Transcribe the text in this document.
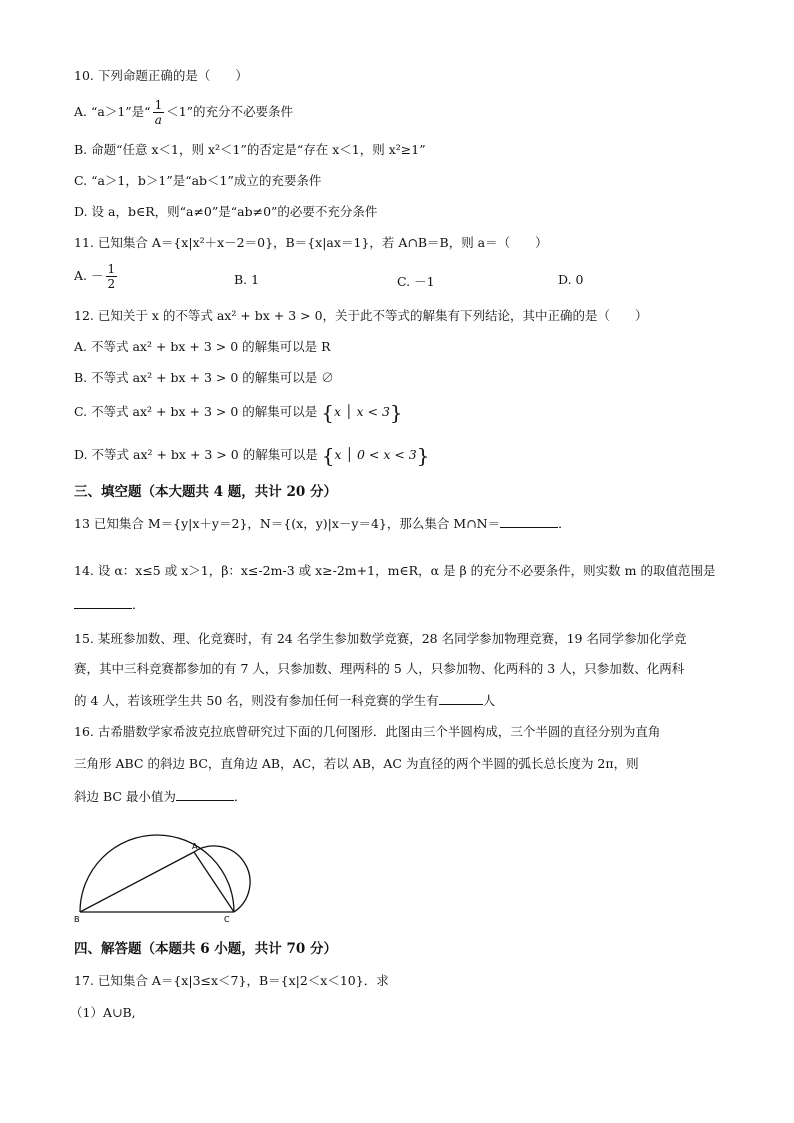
10. 下列命题正确的是（　　）
A. “a＞1”是“ $\frac{1}{a} <1$”的充分不必要条件
B. 命题“任意 x＜1，则 x²＜1”的否定是“存在 x＜1，则 x²≥1”
C. “a＞1，b＞1”是“ab＜1”成立的充要条件
D. 设 a，b∈R，则“a≠0”是“ab≠0”的必要不充分条件
11. 已知集合 A＝{x|x²＋x－2＝0}，B＝{x|ax＝1}，若 A∩B＝B，则 a＝（　　）
A. － $\frac{1}{2}$	B. 1	C. －1	D. 0
12. 已知关于 x 的不等式 ax² + bx + 3 > 0，关于此不等式的解集有下列结论，其中正确的是（　　）
A. 不等式 ax² + bx + 3 > 0 的解集可以是 R
B. 不等式 ax² + bx + 3 > 0 的解集可以是 ∅
C. 不等式 ax² + bx + 3 > 0 的解集可以是 {x │ x < 3}
D. 不等式 ax² + bx + 3 > 0 的解集可以是 {x │ 0 < x < 3}
三、填空题（本大题共 4 题，共计 20 分）
13 已知集合 M＝{y|x＋y＝2}，N＝{(x，y)|x－y＝4}，那么集合 M∩N＝	．
14. 设 α：x≤5 或 x＞1，β：x≤-2m-3 或 x≥-2m+1，m∈R，α 是 β 的充分不必要条件，则实数 m 的取值范围是
．
15. 某班参加数、理、化竞赛时，有 24 名学生参加数学竞赛，28 名同学参加物理竞赛，19 名同学参加化学竞
赛，其中三科竞赛都参加的有 7 人，只参加数、理两科的 5 人，只参加物、化两科的 3 人，只参加数、化两科
的 4 人，若该班学生共 50 名，则没有参加任何一科竞赛的学生有	人
16. 古希腊数学家希波克拉底曾研究过下面的几何图形．此图由三个半圆构成，三个半圆的直径分别为直角
三角形 ABC 的斜边 BC，直角边 AB，AC，若以 AB，AC 为直径的两个半圆的弧长总长度为 2π，则
斜边 BC 最小值为	．
A
B	C
四、解答题（本题共 6 小题，共计 70 分）
17. 已知集合 A＝{x|3≤x＜7}，B＝{x|2＜x＜10}．求
（1）A∪B,
